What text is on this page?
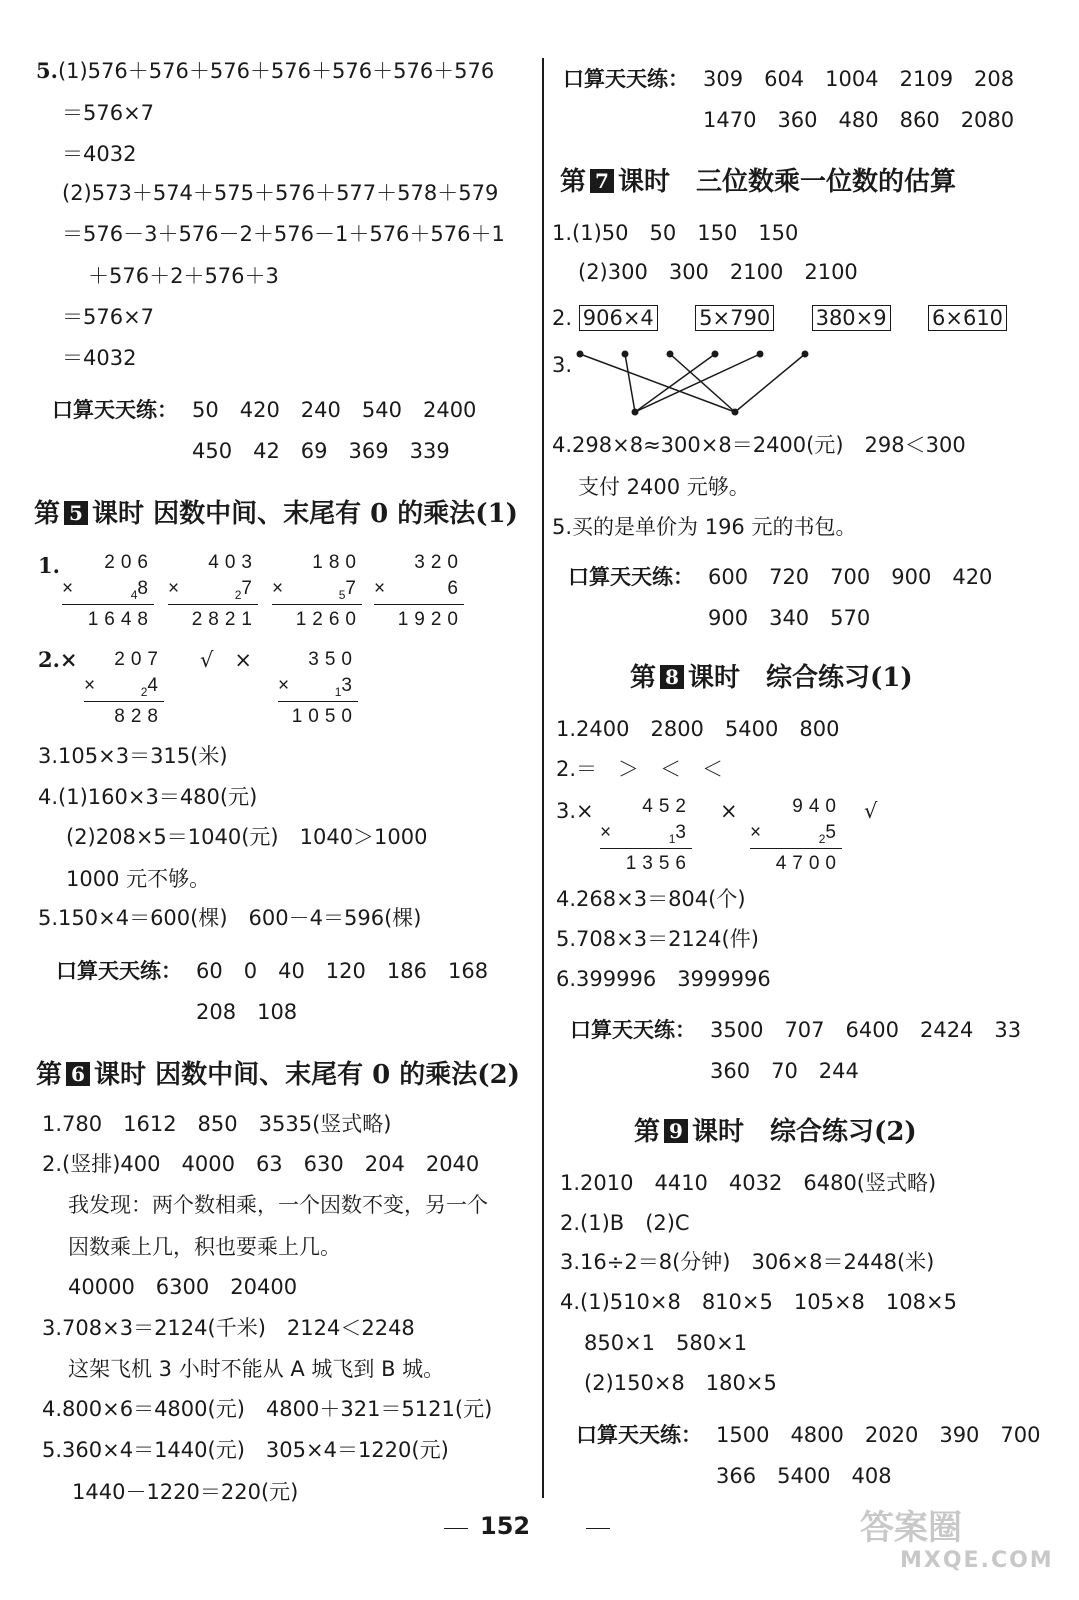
5.(1)576＋576＋576＋576＋576＋576＋576
＝576×7
＝4032
(2)573＋574＋575＋576＋577＋578＋579
＝576－3＋576－2＋576－1＋576＋576＋1
＋576＋2＋576＋3
＝576×7
＝4032
口算天天练： 50　420　240　540　2400
450　42　69　369　339
第 5 课时 因数中间、末尾有 0 的乘法(1)
1.	206
×	$_4$8
1648
403
×	$_2$7
2821
180
×	$_5$7
1260
320
×	6
1920
2.×	207
×	$_2$4
828
√　×	350
×	$_1$3
1050
3.105×3＝315(米)
4.(1)160×3＝480(元)
(2)208×5＝1040(元)　1040＞1000
1000 元不够。
5.150×4＝600(棵)　600－4＝596(棵)
口算天天练： 60　0　40　120　186　168
208　108
第 6 课时 因数中间、末尾有 0 的乘法(2)
1.780　1612　850　3535(竖式略)
2.(竖排)400　4000　63　630　204　2040
我发现：两个数相乘，一个因数不变，另一个
因数乘上几，积也要乘上几。
40000　6300　20400
3.708×3＝2124(千米)　2124＜2248
这架飞机 3 小时不能从 A 城飞到 B 城。
4.800×6＝4800(元)　4800＋321＝5121(元)
5.360×4＝1440(元)　305×4＝1220(元)
1440－1220＝220(元)
口算天天练： 309　604　1004　2109　208
1470　360　480　860　2080
第 7 课时　三位数乘一位数的估算
1.(1)50　50　150　150
(2)300　300　2100　2100
2. 906×4 5×790 380×9 6×610
3.
4.298×8≈300×8＝2400(元)　298＜300
支付 2400 元够。
5.买的是单价为 196 元的书包。
口算天天练： 600　720　700　900　420
900　340　570
第 8 课时　综合练习(1)
1.2400　2800　5400　800
2.＝　＞　＜　＜
3.×	452
×	$_1$3
1356
×	940
×	$_2$5
4700
√
4.268×3＝804(个)
5.708×3＝2124(件)
6.399996　3999996
口算天天练： 3500　707　6400　2424　33
360　70　244
第 9 课时　综合练习(2)
1.2010　4410　4032　6480(竖式略)
2.(1)B　(2)C
3.16÷2＝8(分钟)　306×8＝2448(米)
4.(1)510×8　810×5　105×8　108×5
850×1　580×1
(2)150×8　180×5
口算天天练： 1500　4800　2020　390　700
366　5400　408
152	答案圈
MXQE.COM
